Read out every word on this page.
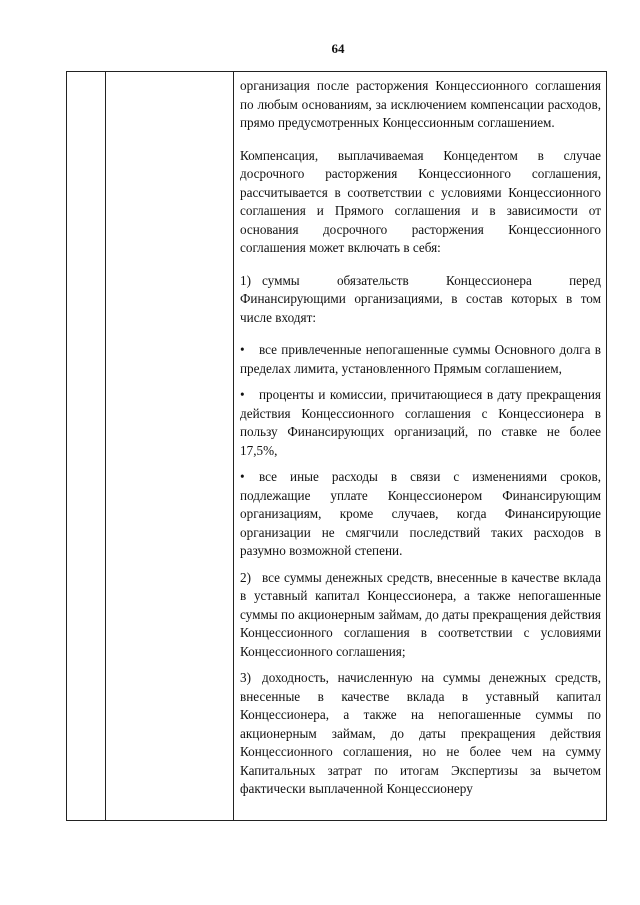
64

организация после расторжения Концессионного соглашения по любым основаниям, за исключением компенсации расходов, прямо предусмотренных Концессионным соглашением.

Компенсация, выплачиваемая Концедентом в случае досрочного расторжения Концессионного соглашения, рассчитывается в соответствии с условиями Концессионного соглашения и Прямого соглашения и в зависимости от основания досрочного расторжения Концессионного соглашения может включать в себя:

1) суммы обязательств Концессионера перед Финансирующими организациями, в состав которых в том числе входят:

• все привлеченные непогашенные суммы Основного долга в пределах лимита, установленного Прямым соглашением,

• проценты и комиссии, причитающиеся в дату прекращения действия Концессионного соглашения с Концессионера в пользу Финансирующих организаций, по ставке не более 17,5%,

• все иные расходы в связи с изменениями сроков, подлежащие уплате Концессионером Финансирующим организациям, кроме случаев, когда Финансирующие организации не смягчили последствий таких расходов в разумно возможной степени.

2) все суммы денежных средств, внесенные в качестве вклада в уставный капитал Концессионера, а также непогашенные суммы по акционерным займам, до даты прекращения действия Концессионного соглашения в соответствии с условиями Концессионного соглашения;

3) доходность, начисленную на суммы денежных средств, внесенные в качестве вклада в уставный капитал Концессионера, а также на непогашенные суммы по акционерным займам, до даты прекращения действия Концессионного соглашения, но не более чем на сумму Капитальных затрат по итогам Экспертизы за вычетом фактически выплаченной Концессионеру
